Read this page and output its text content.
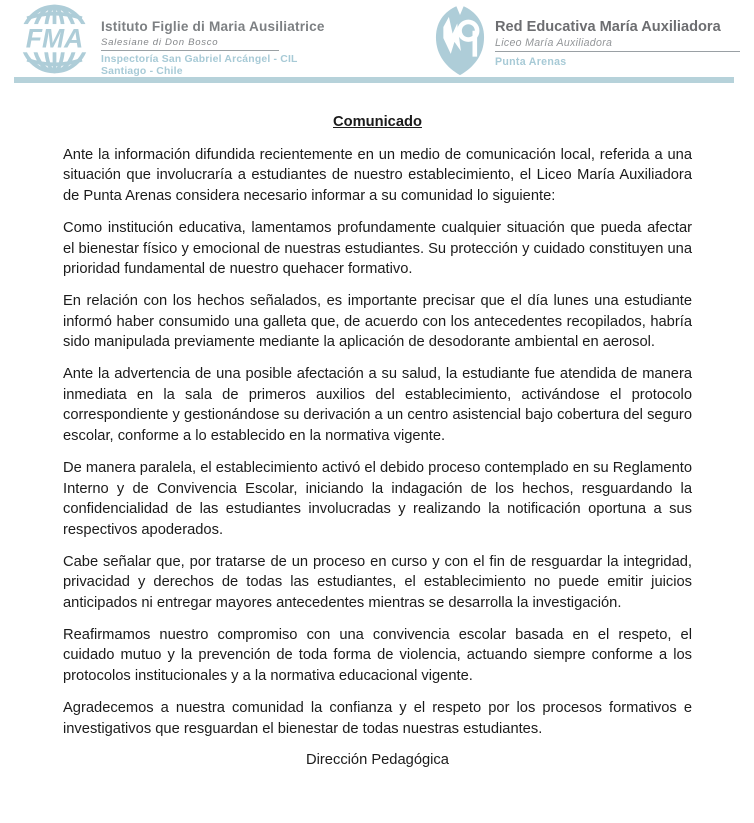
FMA Istituto Figlie di Maria Ausiliatrice
Salesiane di Don Bosco
Inspectoría San Gabriel Arcángel - CIL
Santiago - Chile
Red Educativa María Auxiliadora
Liceo María Auxiliadora
Punta Arenas
Comunicado

Ante la información difundida recientemente en un medio de comunicación local, referida a una situación que involucraría a estudiantes de nuestro establecimiento, el Liceo María Auxiliadora de Punta Arenas considera necesario informar a su comunidad lo siguiente:

Como institución educativa, lamentamos profundamente cualquier situación que pueda afectar el bienestar físico y emocional de nuestras estudiantes. Su protección y cuidado constituyen una prioridad fundamental de nuestro quehacer formativo.

En relación con los hechos señalados, es importante precisar que el día lunes una estudiante informó haber consumido una galleta que, de acuerdo con los antecedentes recopilados, habría sido manipulada previamente mediante la aplicación de desodorante ambiental en aerosol.

Ante la advertencia de una posible afectación a su salud, la estudiante fue atendida de manera inmediata en la sala de primeros auxilios del establecimiento, activándose el protocolo correspondiente y gestionándose su derivación a un centro asistencial bajo cobertura del seguro escolar, conforme a lo establecido en la normativa vigente.

De manera paralela, el establecimiento activó el debido proceso contemplado en su Reglamento Interno y de Convivencia Escolar, iniciando la indagación de los hechos, resguardando la confidencialidad de las estudiantes involucradas y realizando la notificación oportuna a sus respectivos apoderados.

Cabe señalar que, por tratarse de un proceso en curso y con el fin de resguardar la integridad, privacidad y derechos de todas las estudiantes, el establecimiento no puede emitir juicios anticipados ni entregar mayores antecedentes mientras se desarrolla la investigación.

Reafirmamos nuestro compromiso con una convivencia escolar basada en el respeto, el cuidado mutuo y la prevención de toda forma de violencia, actuando siempre conforme a los protocolos institucionales y a la normativa educacional vigente.

Agradecemos a nuestra comunidad la confianza y el respeto por los procesos formativos e investigativos que resguardan el bienestar de todas nuestras estudiantes.

Dirección Pedagógica
